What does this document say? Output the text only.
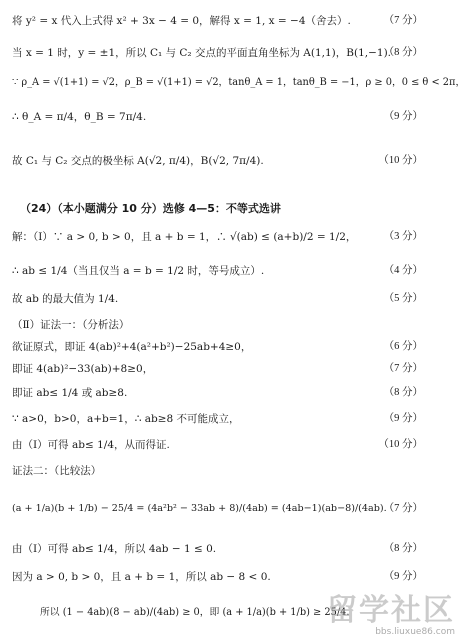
将 y² = x 代入上式得 x² + 3x − 4 = 0，解得 x = 1, x = −4（舍去）.	（7 分）
当 x = 1 时，y = ±1，所以 C₁ 与 C₂ 交点的平面直角坐标为 A(1,1)，B(1,−1).
（8 分）
∵ ρ_A = √(1+1) = √2，ρ_B = √(1+1) = √2，tanθ_A = 1，tanθ_B = −1，ρ ≥ 0，0 ≤ θ < 2π，
∴ θ_A = π/4，θ_B = 7π/4.	（9 分）
故 C₁ 与 C₂ 交点的极坐标 A(√2, π/4)，B(√2, 7π/4).	（10 分）
（24）（本小题满分 10 分）选修 4—5：不等式选讲
解：（Ⅰ）∵ a > 0, b > 0，且 a + b = 1，∴ √(ab) ≤ (a+b)/2 = 1/2，	（3 分）
∴ ab ≤ 1/4（当且仅当 a = b = 1/2 时，等号成立）.	（4 分）
故 ab 的最大值为 1/4.	（5 分）
（Ⅱ）证法一：（分析法）
欲证原式，即证 4(ab)²+4(a²+b²)−25ab+4≥0，	（6 分）
即证 4(ab)²−33(ab)+8≥0，	（7 分）
即证 ab≤ 1/4 或 ab≥8.	（8 分）
∵ a>0，b>0，a+b=1，∴ ab≥8 不可能成立，	（9 分）
由（Ⅰ）可得 ab≤ 1/4，从而得证.	（10 分）
证法二：（比较法）
(a + 1/a)(b + 1/b) − 25/4 = (4a²b² − 33ab + 8)/(4ab) = (4ab−1)(ab−8)/(4ab).
（7 分）
由（Ⅰ）可得 ab≤ 1/4，所以 4ab − 1 ≤ 0.	（8 分）
因为 a > 0, b > 0，且 a + b = 1，所以 ab − 8 < 0.	（9 分）
所以 (1 − 4ab)(8 − ab)/(4ab) ≥ 0，即 (a + 1/a)(b + 1/b) ≥ 25/4.
留学社区
bbs.liuxue86.com
